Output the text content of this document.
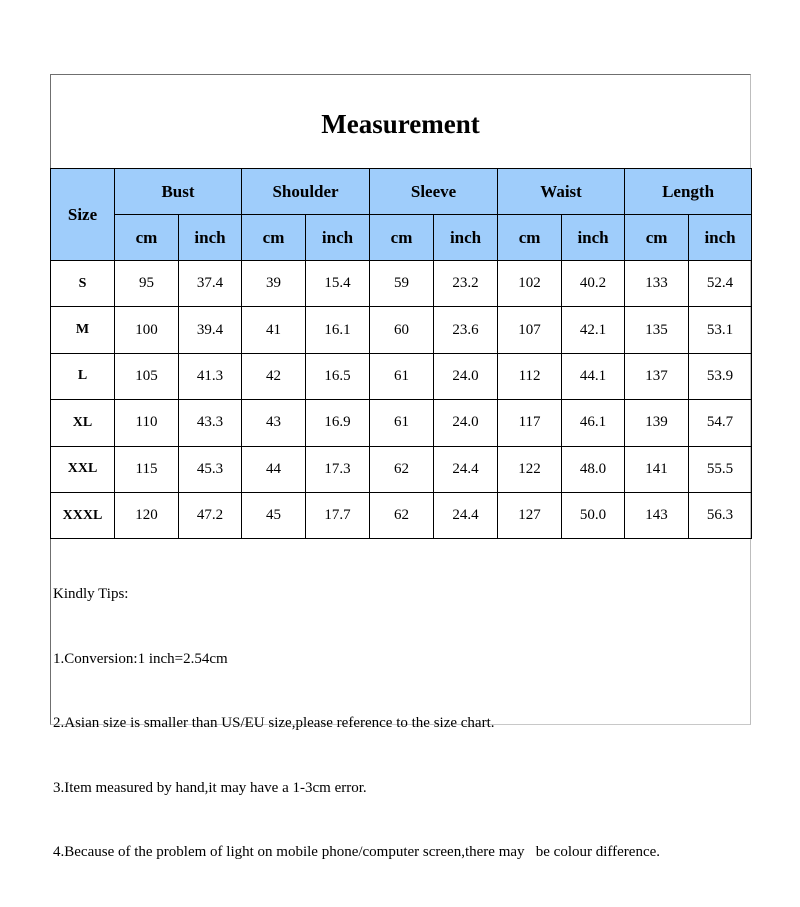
Measurement
Size	Bust		Shoulder		Sleeve		Waist		Length	
	cm	inch	cm	inch	cm	inch	cm	inch	cm	inch
S	95	37.4	39	15.4	59	23.2	102	40.2	133	52.4
M	100	39.4	41	16.1	60	23.6	107	42.1	135	53.1
L	105	41.3	42	16.5	61	24.0	112	44.1	137	53.9
XL	110	43.3	43	16.9	61	24.0	117	46.1	139	54.7
XXL	115	45.3	44	17.3	62	24.4	122	48.0	141	55.5
XXXL	120	47.2	45	17.7	62	24.4	127	50.0	143	56.3

Kindly Tips:

1.Conversion:1 inch=2.54cm

2.Asian size is smaller than US/EU size,please reference to the size chart.

3.Item measured by hand,it may have a 1-3cm error.

4.Because of the problem of light on mobile phone/computer screen,there may   be colour difference.
